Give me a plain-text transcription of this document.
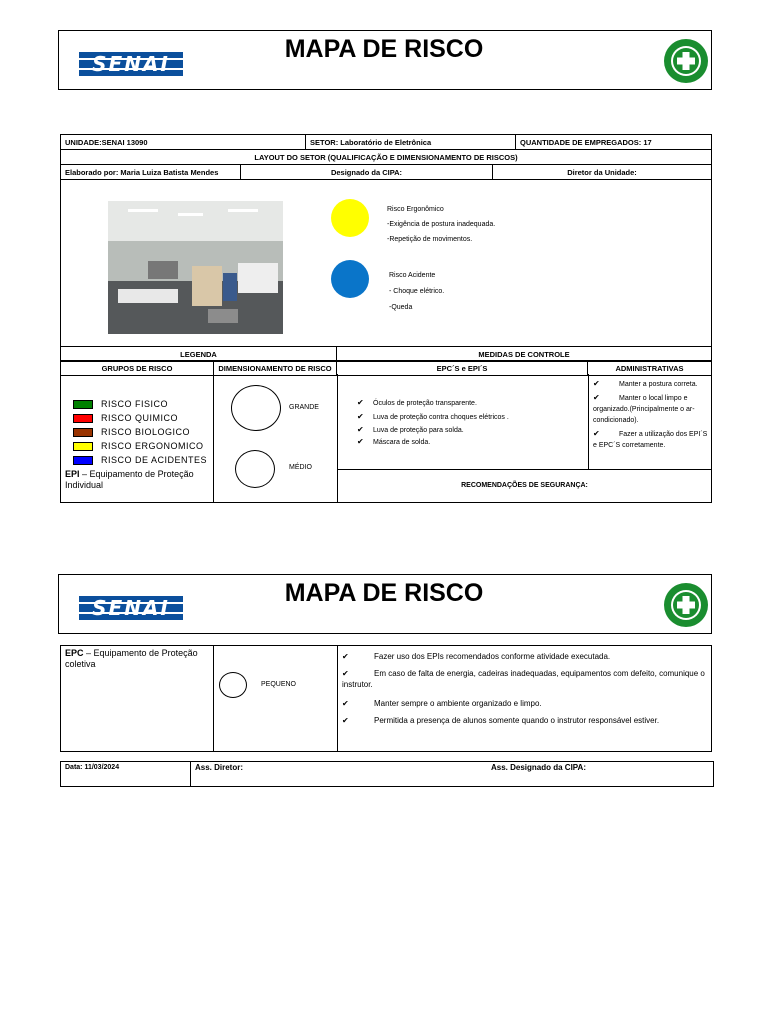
SENAI
MAPA DE RISCO
UNIDADE:SENAI 13090	SETOR: Laboratório de Eletrônica	QUANTIDADE DE EMPREGADOS: 17
LAYOUT DO SETOR (QUALIFICAÇÃO E DIMENSIONAMENTO DE RISCOS)
Elaborado por: Maria Luiza Batista Mendes	Designado da CIPA:	Diretor da Unidade:
Risco Ergonômico
-Exigência de postura inadequada.
-Repetição de movimentos.
Risco Acidente
- Choque elétrico.
-Queda
LEGENDA	MEDIDAS DE CONTROLE
GRUPOS DE RISCO	DIMENSIONAMENTO DE RISCO	EPC´S e EPI´S	ADMINISTRATIVAS
RISCO FISICO
RISCO QUIMICO
RISCO BIOLOGICO
RISCO ERGONOMICO
RISCO DE ACIDENTES
EPI – Equipamento de Proteção Individual
GRANDE
MÉDIO
✔ Óculos de proteção transparente.
✔ Luva de proteção contra choques elétricos .
✔ Luva de proteção para solda.
✔ Máscara de solda.

✔	Manter a postura correta.

✔	Manter o local limpo e organizado.(Principalmente o ar-condicionado).

✔	Fazer a utilização dos EPI´S e EPC´S corretamente.

RECOMENDAÇÕES DE SEGURANÇA:
SENAI
MAPA DE RISCO
EPC – Equipamento de Proteção coletiva
PEQUENO
✔	Fazer uso dos EPIs recomendados conforme atividade executada.
✔	Em caso de falta de energia, cadeiras inadequadas, equipamentos com defeito, comunique o instrutor.
✔	Manter sempre o ambiente organizado e limpo.
✔	Permitida a presença de alunos somente quando o instrutor responsável estiver.
Data: 11/03/2024	Ass. Diretor:	Ass. Designado da CIPA:
